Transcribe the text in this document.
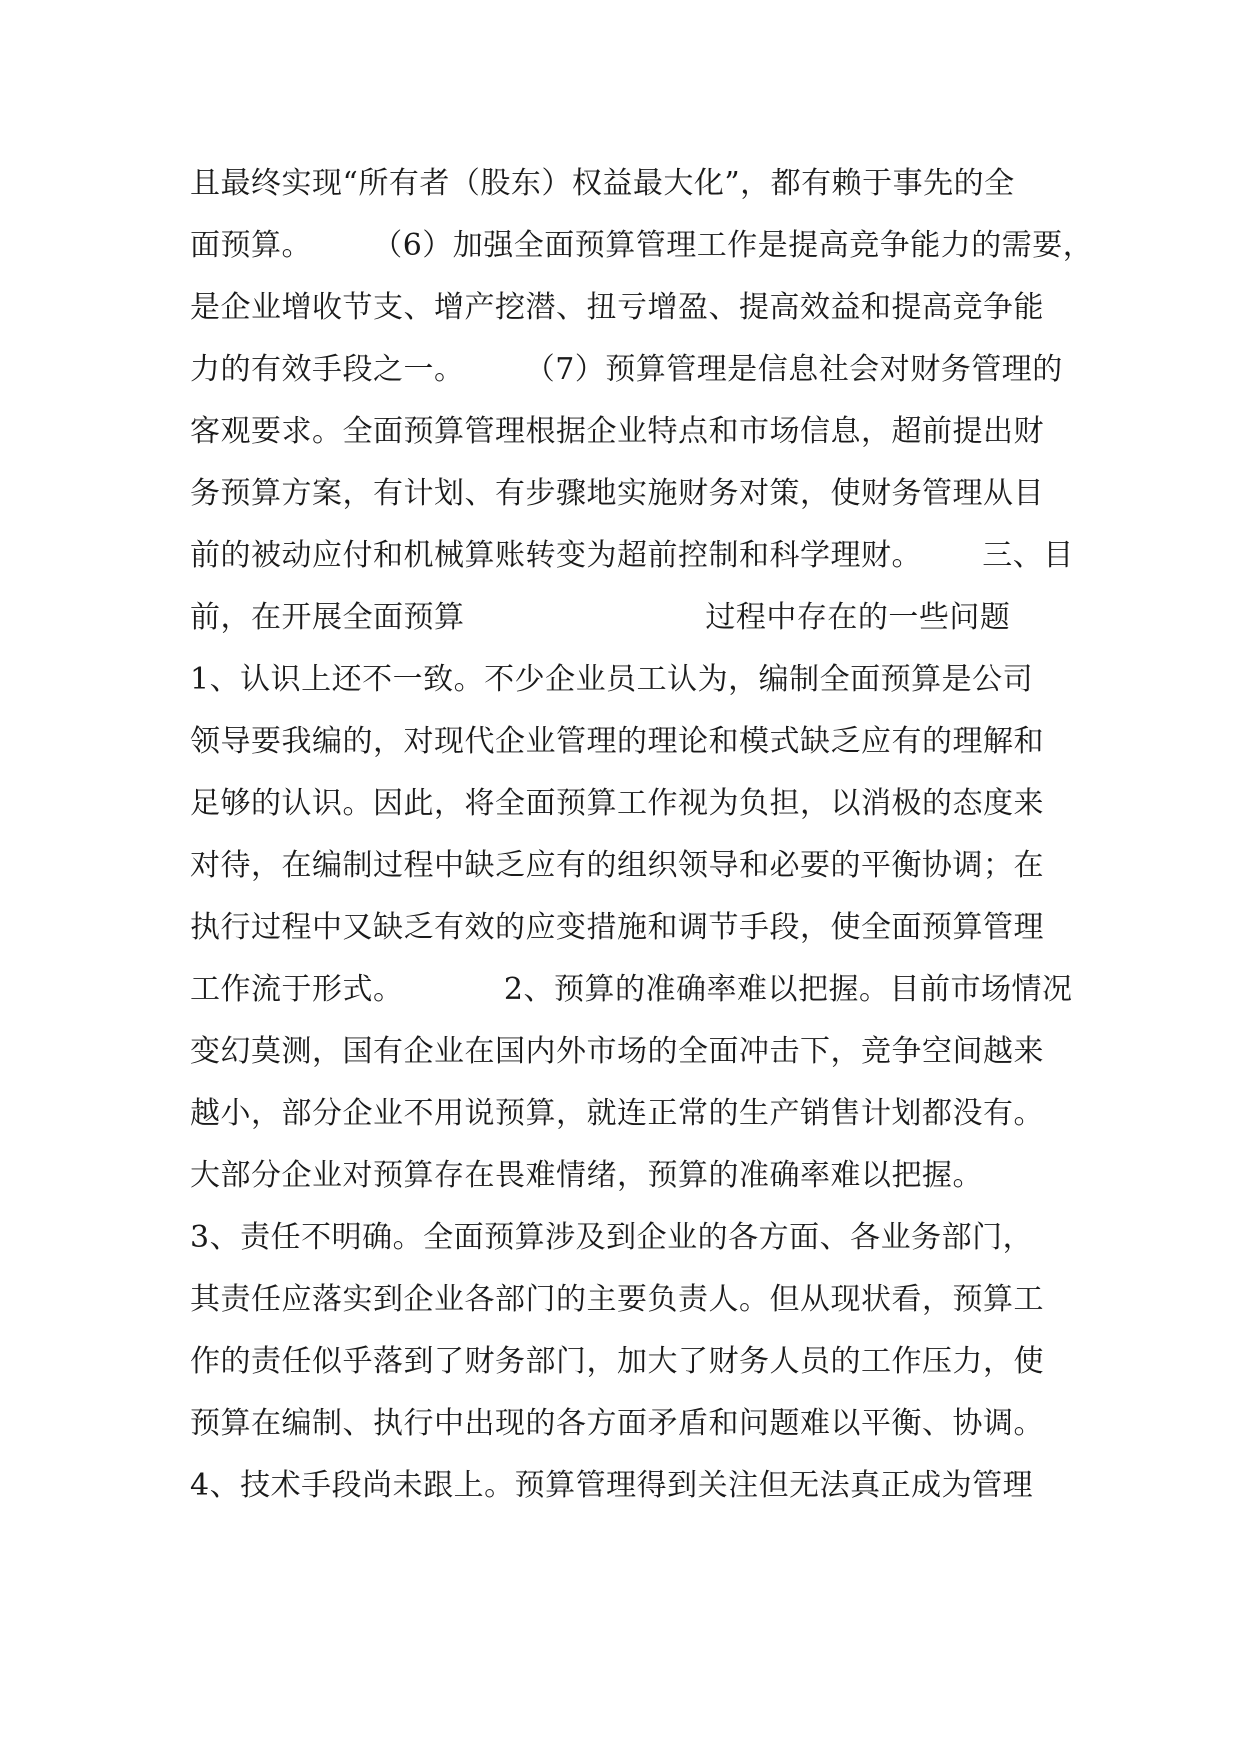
且最终实现“所有者（股东）权益最大化”，都有赖于事先的全
面预算。      （6）加强全面预算管理工作是提高竞争能力的需要，
是企业增收节支、增产挖潜、扭亏增盈、提高效益和提高竞争能
力的有效手段之一。      （7）预算管理是信息社会对财务管理的
客观要求。全面预算管理根据企业特点和市场信息，超前提出财
务预算方案，有计划、有步骤地实施财务对策，使财务管理从目
前的被动应付和机械算账转变为超前控制和科学理财。      三、目
前，在开展全面预算                        过程中存在的一些问题
1、认识上还不一致。不少企业员工认为，编制全面预算是公司
领导要我编的，对现代企业管理的理论和模式缺乏应有的理解和
足够的认识。因此，将全面预算工作视为负担，以消极的态度来
对待，在编制过程中缺乏应有的组织领导和必要的平衡协调；在
执行过程中又缺乏有效的应变措施和调节手段，使全面预算管理
工作流于形式。          2、预算的准确率难以把握。目前市场情况
变幻莫测，国有企业在国内外市场的全面冲击下，竞争空间越来
越小，部分企业不用说预算，就连正常的生产销售计划都没有。
大部分企业对预算存在畏难情绪，预算的准确率难以把握。
3、责任不明确。全面预算涉及到企业的各方面、各业务部门，
其责任应落实到企业各部门的主要负责人。但从现状看，预算工
作的责任似乎落到了财务部门，加大了财务人员的工作压力，使
预算在编制、执行中出现的各方面矛盾和问题难以平衡、协调。
4、技术手段尚未跟上。预算管理得到关注但无法真正成为管理
